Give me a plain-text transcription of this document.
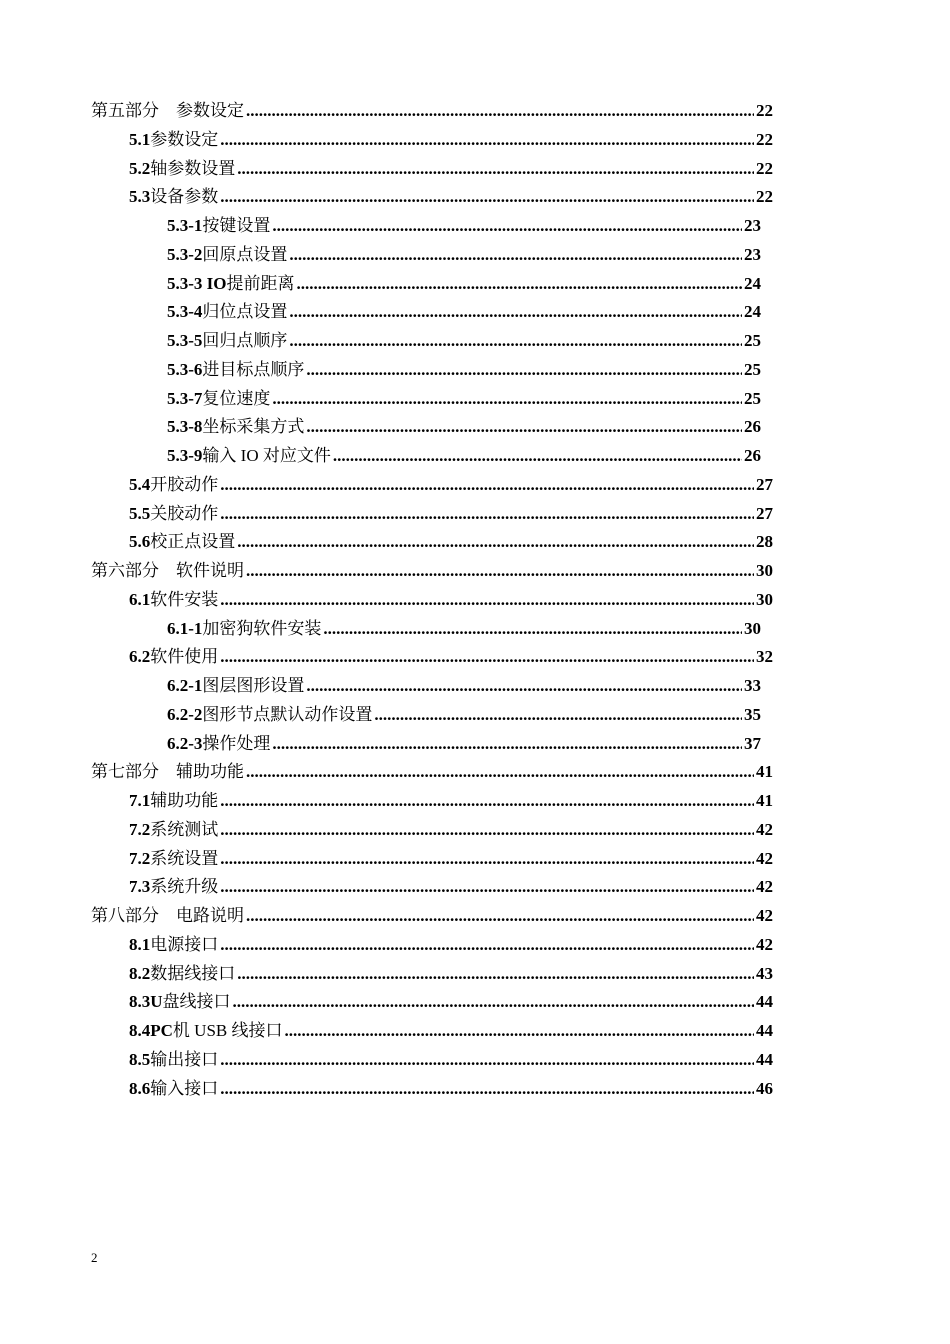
第五部分　参数设定 .....	22
5.1 参数设定 .....	22
5.2 轴参数设置 .....	22
5.3 设备参数 .....	22
5.3-1 按键设置 .....	23
5.3-2 回原点设置 .....	23
5.3-3 IO 提前距离 .....	24
5.3-4 归位点设置 .....	24
5.3-5 回归点顺序 .....	25
5.3-6 进目标点顺序 .....	25
5.3-7 复位速度 .....	25
5.3-8 坐标采集方式 .....	26
5.3-9 输入 IO 对应文件 .....	26
5.4 开胶动作 .....	27
5.5 关胶动作 .....	27
5.6 校正点设置 .....	28
第六部分　软件说明 .....	30
6.1 软件安装 .....	30
6.1-1 加密狗软件安装 .....	30
6.2 软件使用 .....	32
6.2-1 图层图形设置 .....	33
6.2-2 图形节点默认动作设置 .....	35
6.2-3 操作处理 .....	37
第七部分　辅助功能 .....	41
7.1 辅助功能 .....	41
7.2 系统测试 .....	42
7.2 系统设置 .....	42
7.3 系统升级 .....	42
第八部分　电路说明 .....	42
8.1 电源接口 .....	42
8.2 数据线接口 .....	43
8.3U 盘线接口 .....	44
8.4PC 机 USB 线接口 .....	44
8.5 输出接口 .....	44
8.6 输入接口 .....	46
2
